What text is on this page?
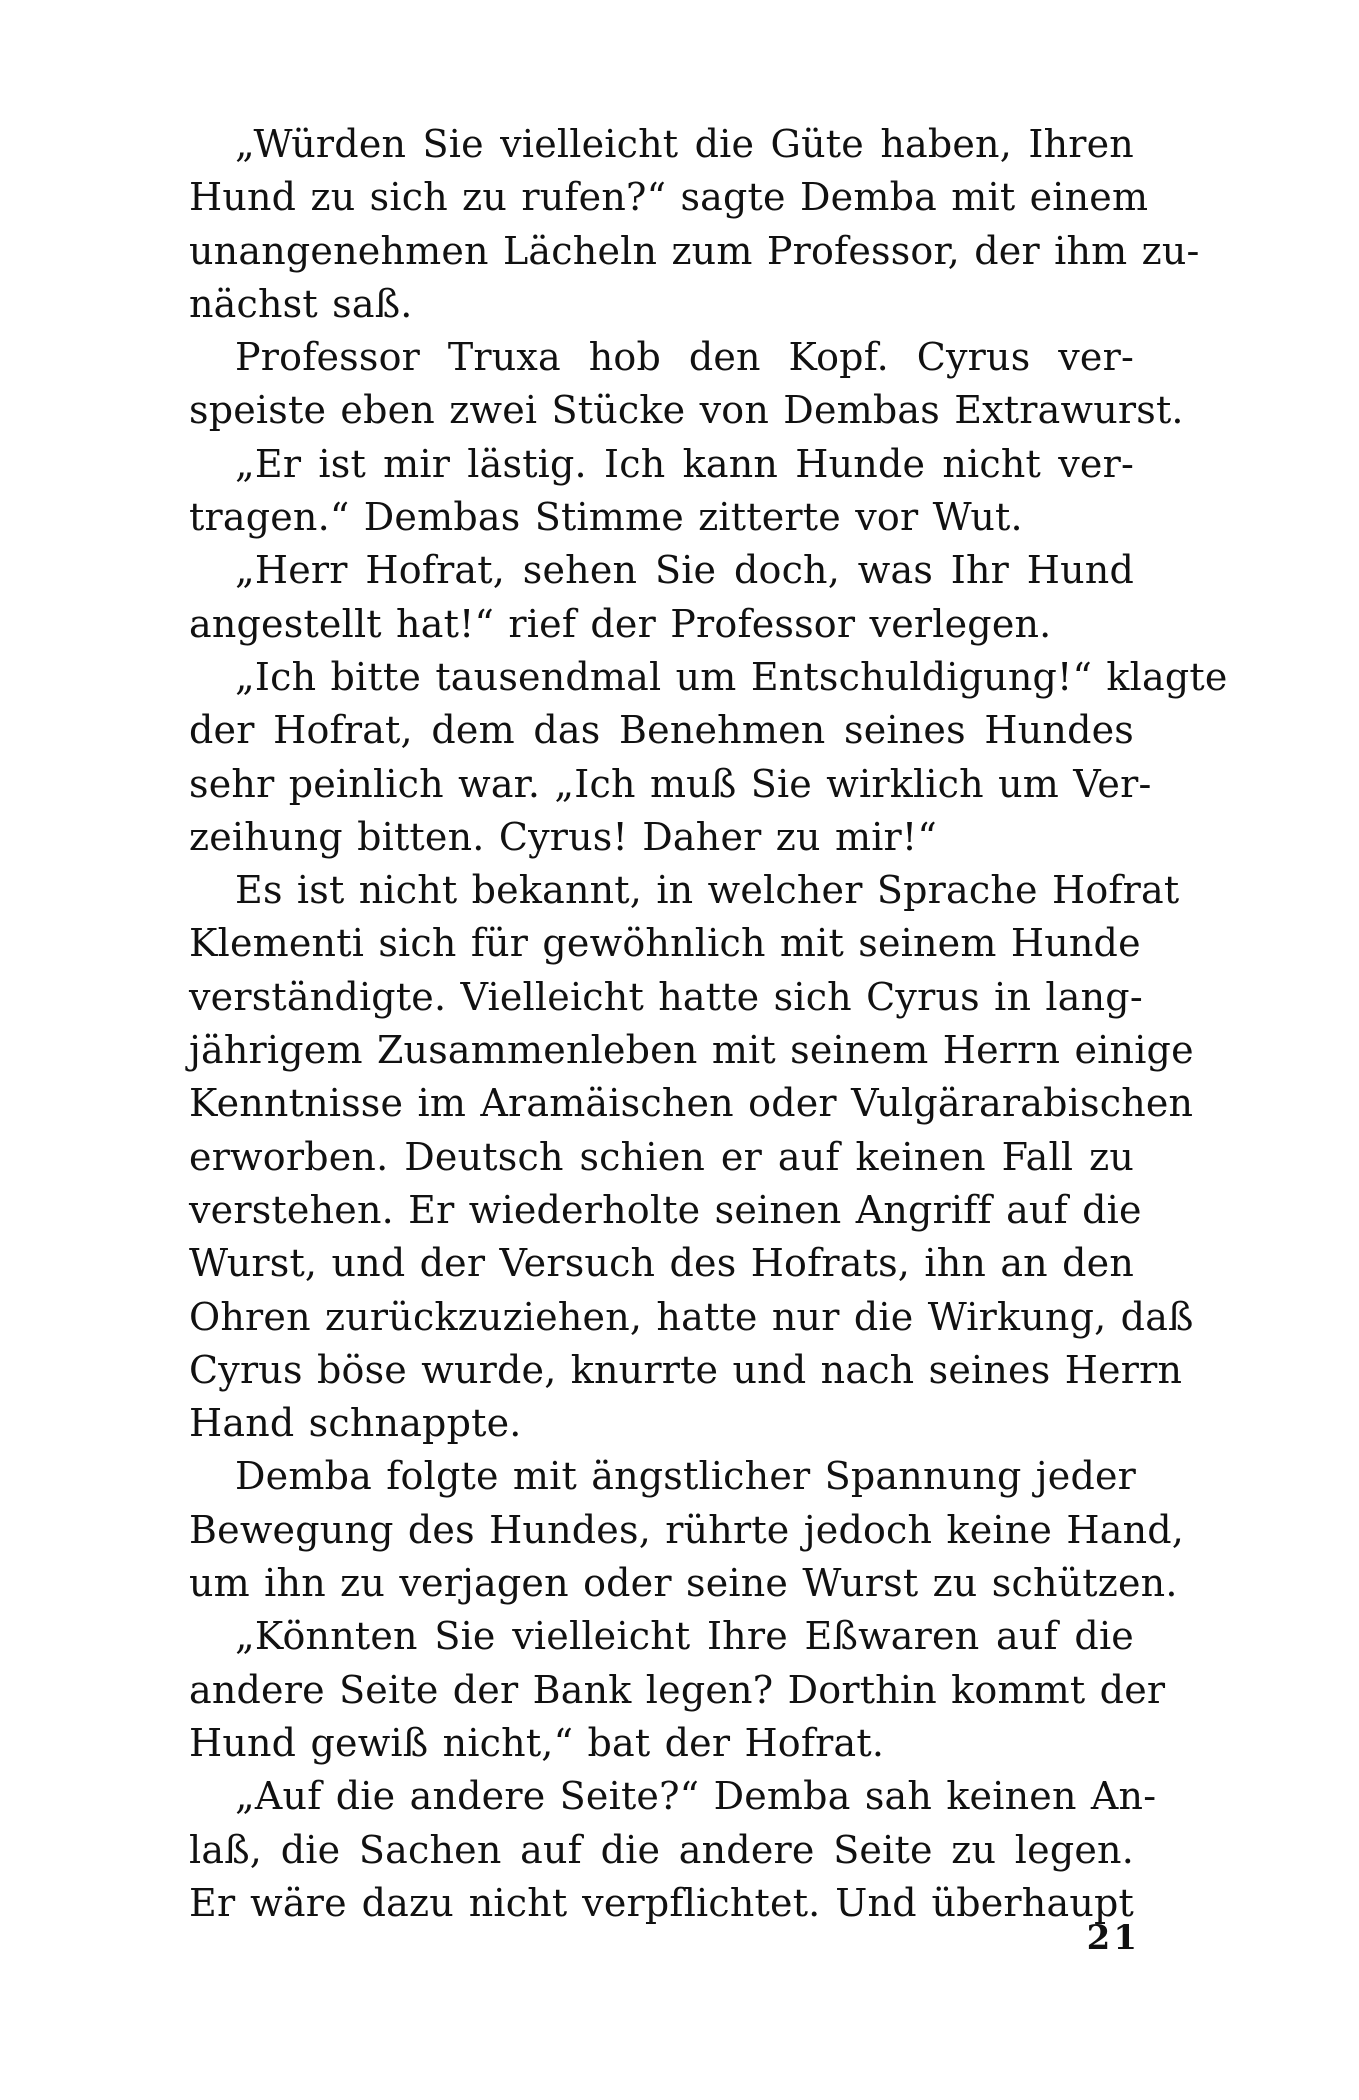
„Würden Sie vielleicht die Güte haben, Ihren
Hund zu sich zu rufen?“ sagte Demba mit einem
unangenehmen Lächeln zum Professor, der ihm zu-
nächst saß.
Professor Truxa hob den Kopf. Cyrus ver-
speiste eben zwei Stücke von Dembas Extrawurst.
„Er ist mir lästig. Ich kann Hunde nicht ver-
tragen.“ Dembas Stimme zitterte vor Wut.
„Herr Hofrat, sehen Sie doch, was Ihr Hund
angestellt hat!“ rief der Professor verlegen.
„Ich bitte tausendmal um Entschuldigung!“ klagte
der Hofrat, dem das Benehmen seines Hundes
sehr peinlich war. „Ich muß Sie wirklich um Ver-
zeihung bitten. Cyrus! Daher zu mir!“
Es ist nicht bekannt, in welcher Sprache Hofrat
Klementi sich für gewöhnlich mit seinem Hunde
verständigte. Vielleicht hatte sich Cyrus in lang-
jährigem Zusammenleben mit seinem Herrn einige
Kenntnisse im Aramäischen oder Vulgärarabischen
erworben. Deutsch schien er auf keinen Fall zu
verstehen. Er wiederholte seinen Angriff auf die
Wurst, und der Versuch des Hofrats, ihn an den
Ohren zurückzuziehen, hatte nur die Wirkung, daß
Cyrus böse wurde, knurrte und nach seines Herrn
Hand schnappte.
Demba folgte mit ängstlicher Spannung jeder
Bewegung des Hundes, rührte jedoch keine Hand,
um ihn zu verjagen oder seine Wurst zu schützen.
„Könnten Sie vielleicht Ihre Eßwaren auf die
andere Seite der Bank legen? Dorthin kommt der
Hund gewiß nicht,“ bat der Hofrat.
„Auf die andere Seite?“ Demba sah keinen An-
laß, die Sachen auf die andere Seite zu legen.
Er wäre dazu nicht verpflichtet. Und überhaupt
21
